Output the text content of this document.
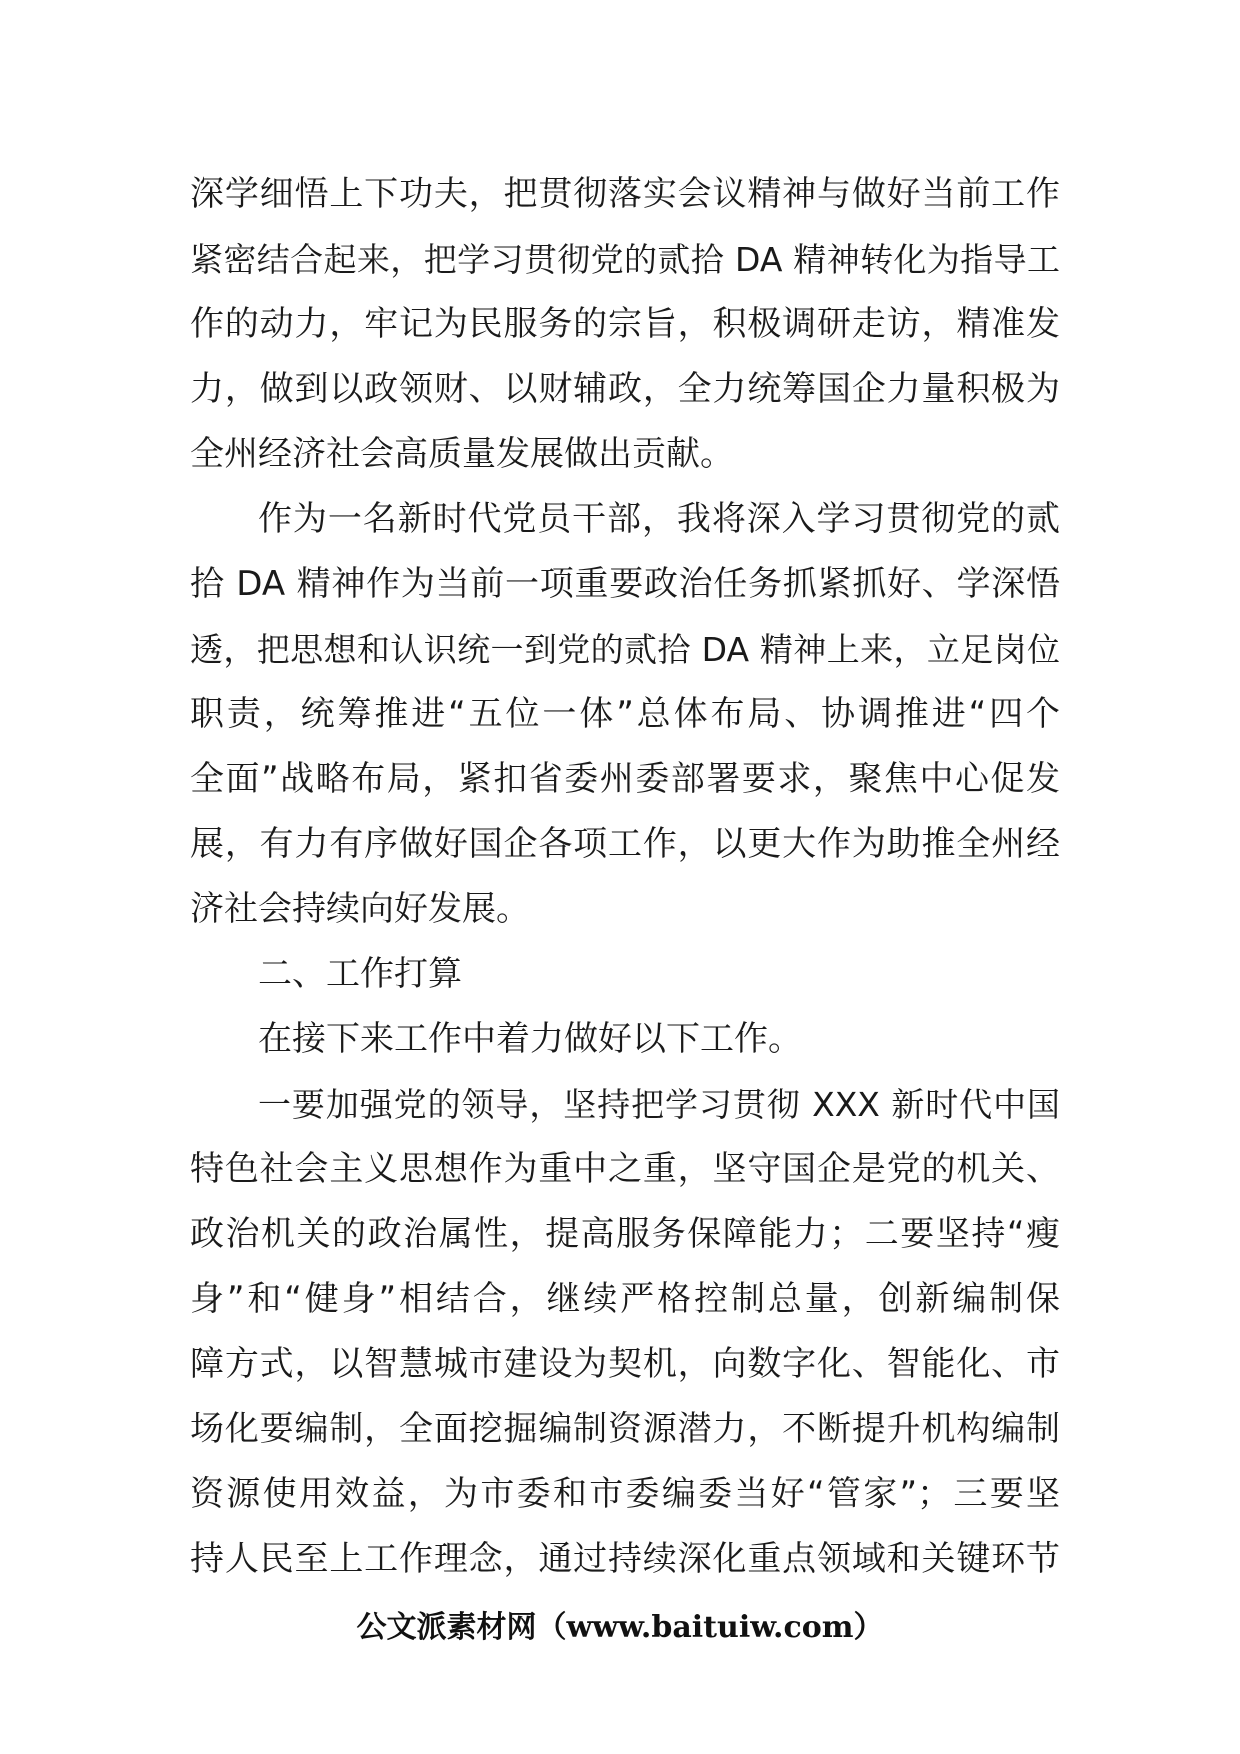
深学细悟上下功夫，把贯彻落实会议精神与做好当前工作
紧密结合起来，把学习贯彻党的贰拾 DA 精神转化为指导工
作的动力，牢记为民服务的宗旨，积极调研走访，精准发
力，做到以政领财、以财辅政，全力统筹国企力量积极为
全州经济社会高质量发展做出贡献。
作为一名新时代党员干部，我将深入学习贯彻党的贰
拾 DA 精神作为当前一项重要政治任务抓紧抓好、学深悟
透，把思想和认识统一到党的贰拾 DA 精神上来，立足岗位
职责，统筹推进“五位一体”总体布局、协调推进“四个
全面”战略布局，紧扣省委州委部署要求，聚焦中心促发
展，有力有序做好国企各项工作，以更大作为助推全州经
济社会持续向好发展。
二、工作打算
在接下来工作中着力做好以下工作。
一要加强党的领导，坚持把学习贯彻 XXX 新时代中国
特色社会主义思想作为重中之重，坚守国企是党的机关、
政治机关的政治属性，提高服务保障能力；二要坚持“瘦
身”和“健身”相结合，继续严格控制总量，创新编制保
障方式，以智慧城市建设为契机，向数字化、智能化、市
场化要编制，全面挖掘编制资源潜力，不断提升机构编制
资源使用效益，为市委和市委编委当好“管家”；三要坚
持人民至上工作理念，通过持续深化重点领域和关键环节
公文派素材网（www.baituiw.com）
